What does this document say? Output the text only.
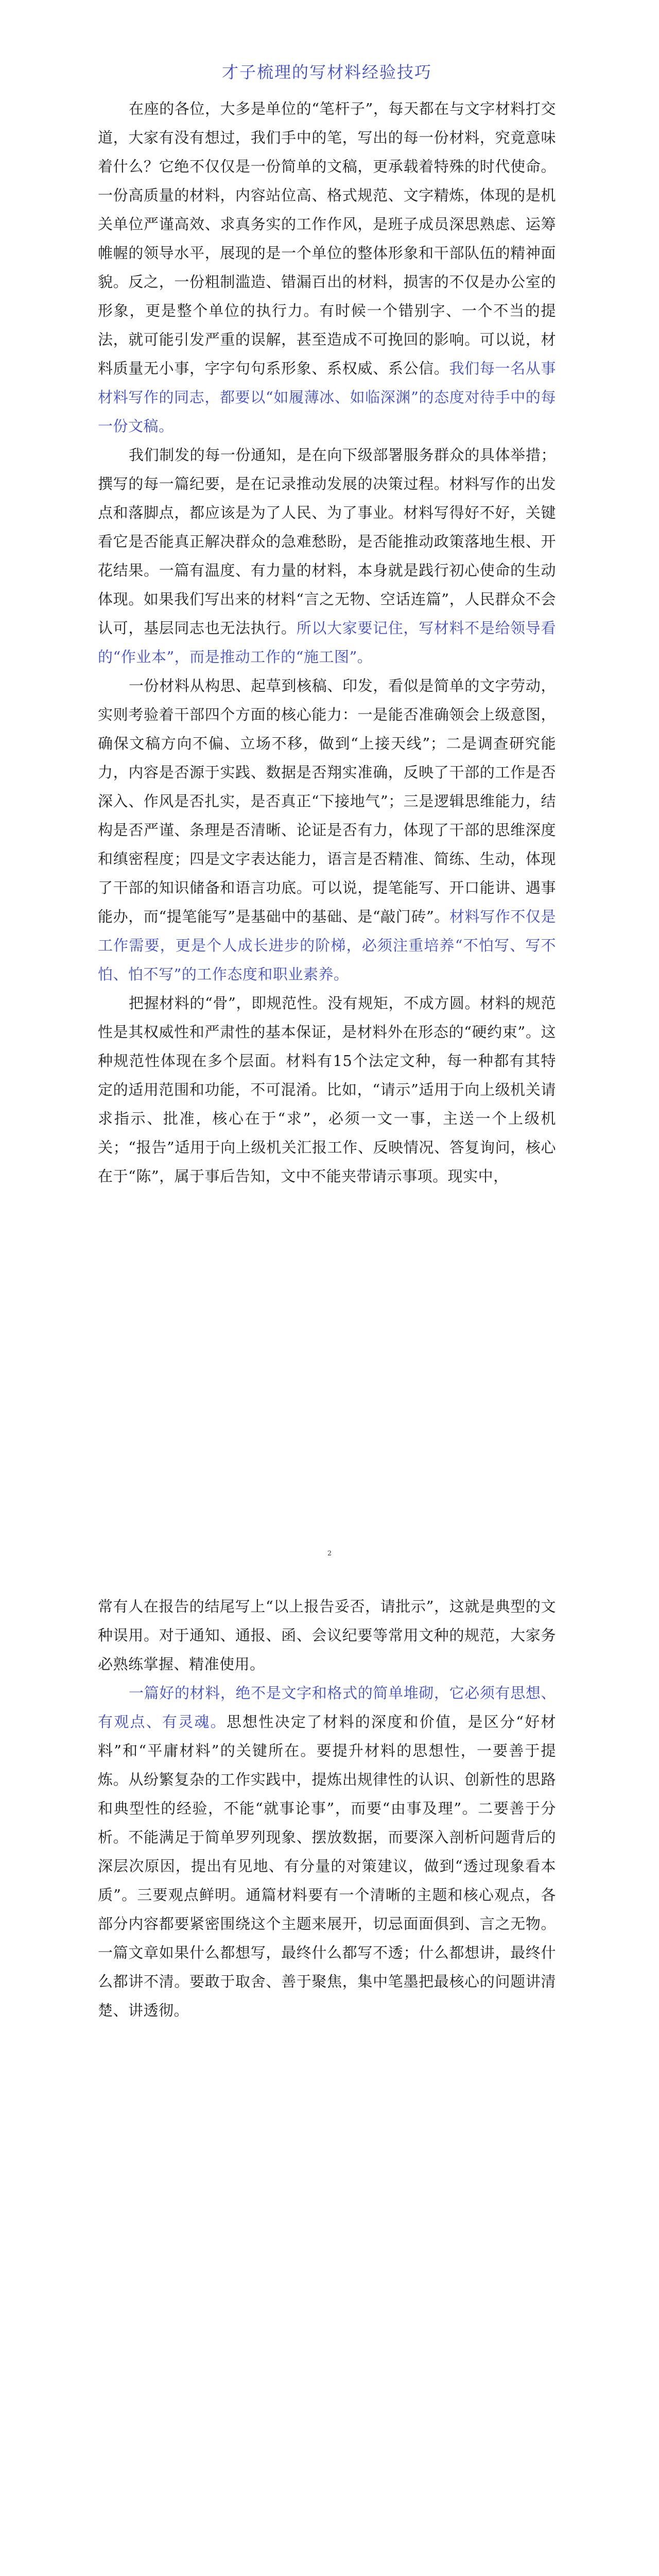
才子梳理的写材料经验技巧

在座的各位，大多是单位的“笔杆子”，每天都在与文字材料打交道，大家有没有想过，我们手中的笔，写出的每一份材料，究竟意味着什么？它绝不仅仅是一份简单的文稿，更承载着特殊的时代使命。一份高质量的材料，内容站位高、格式规范、文字精炼，体现的是机关单位严谨高效、求真务实的工作作风，是班子成员深思熟虑、运筹帷幄的领导水平，展现的是一个单位的整体形象和干部队伍的精神面貌。反之，一份粗制滥造、错漏百出的材料，损害的不仅是办公室的形象，更是整个单位的执行力。有时候一个错别字、一个不当的提法，就可能引发严重的误解，甚至造成不可挽回的影响。可以说，材料质量无小事，字字句句系形象、系权威、系公信。我们每一名从事材料写作的同志，都要以“如履薄冰、如临深渊”的态度对待手中的每一份文稿。

我们制发的每一份通知，是在向下级部署服务群众的具体举措；撰写的每一篇纪要，是在记录推动发展的决策过程。材料写作的出发点和落脚点，都应该是为了人民、为了事业。材料写得好不好，关键看它是否能真正解决群众的急难愁盼，是否能推动政策落地生根、开花结果。一篇有温度、有力量的材料，本身就是践行初心使命的生动体现。如果我们写出来的材料“言之无物、空话连篇”，人民群众不会认可，基层同志也无法执行。所以大家要记住，写材料不是给领导看的“作业本”，而是推动工作的“施工图”。

一份材料从构思、起草到核稿、印发，看似是简单的文字劳动，实则考验着干部四个方面的核心能力：一是能否准确领会上级意图，确保文稿方向不偏、立场不移，做到“上接天线”；二是调查研究能力，内容是否源于实践、数据是否翔实准确，反映了干部的工作是否深入、作风是否扎实，是否真正“下接地气”；三是逻辑思维能力，结构是否严谨、条理是否清晰、论证是否有力，体现了干部的思维深度和缜密程度；四是文字表达能力，语言是否精准、简练、生动，体现了干部的知识储备和语言功底。可以说，提笔能写、开口能讲、遇事能办，而“提笔能写”是基础中的基础、是“敲门砖”。材料写作不仅是工作需要，更是个人成长进步的阶梯，必须注重培养“不怕写、写不怕、怕不写”的工作态度和职业素养。

把握材料的“骨”，即规范性。没有规矩，不成方圆。材料的规范性是其权威性和严肃性的基本保证，是材料外在形态的“硬约束”。这种规范性体现在多个层面。材料有15个法定文种，每一种都有其特定的适用范围和功能，不可混淆。比如，“请示”适用于向上级机关请求指示、批准，核心在于“求”，必须一文一事，主送一个上级机关；“报告”适用于向上级机关汇报工作、反映情况、答复询问，核心在于“陈”，属于事后告知，文中不能夹带请示事项。现实中，

2

常有人在报告的结尾写上“以上报告妥否，请批示”，这就是典型的文种误用。对于通知、通报、函、会议纪要等常用文种的规范，大家务必熟练掌握、精准使用。

一篇好的材料，绝不是文字和格式的简单堆砌，它必须有思想、有观点、有灵魂。思想性决定了材料的深度和价值，是区分“好材料”和“平庸材料”的关键所在。要提升材料的思想性，一要善于提炼。从纷繁复杂的工作实践中，提炼出规律性的认识、创新性的思路和典型性的经验，不能“就事论事”，而要“由事及理”。二要善于分析。不能满足于简单罗列现象、摆放数据，而要深入剖析问题背后的深层次原因，提出有见地、有分量的对策建议，做到“透过现象看本质”。三要观点鲜明。通篇材料要有一个清晰的主题和核心观点，各部分内容都要紧密围绕这个主题来展开，切忌面面俱到、言之无物。一篇文章如果什么都想写，最终什么都写不透；什么都想讲，最终什么都讲不清。要敢于取舍、善于聚焦，集中笔墨把最核心的问题讲清楚、讲透彻。
